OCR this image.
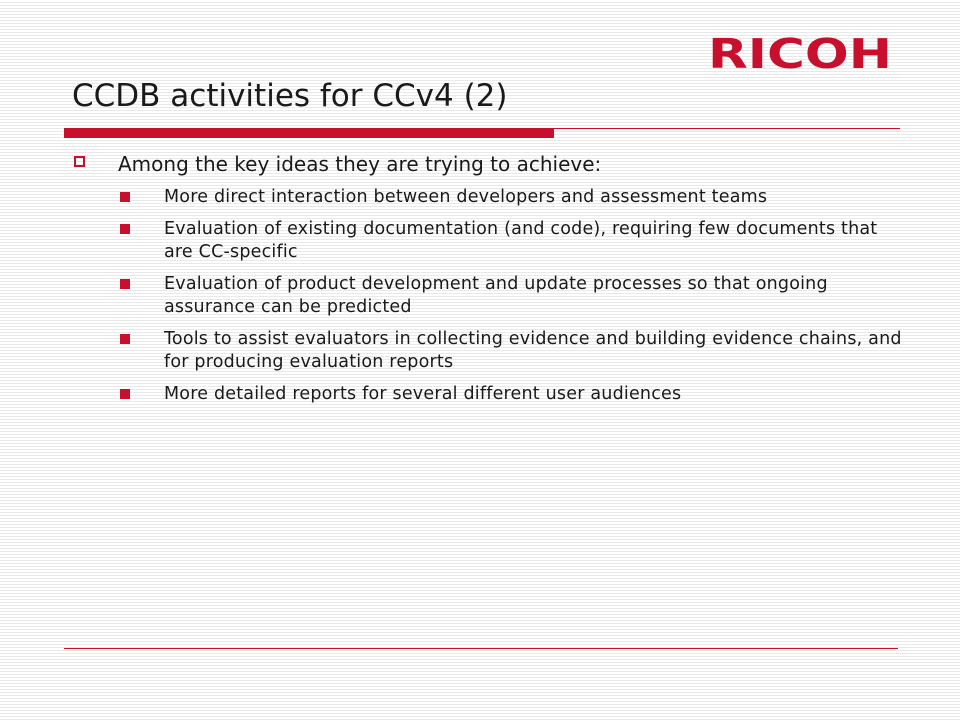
RICOH
CCDB activities for CCv4 (2)

Among the key ideas they are trying to achieve:

More direct interaction between developers and assessment teams
Evaluation of existing documentation (and code), requiring few documents that are CC-specific
Evaluation of product development and update processes so that ongoing assurance can be predicted
Tools to assist evaluators in collecting evidence and building evidence chains, and for producing evaluation reports
More detailed reports for several different user audiences
